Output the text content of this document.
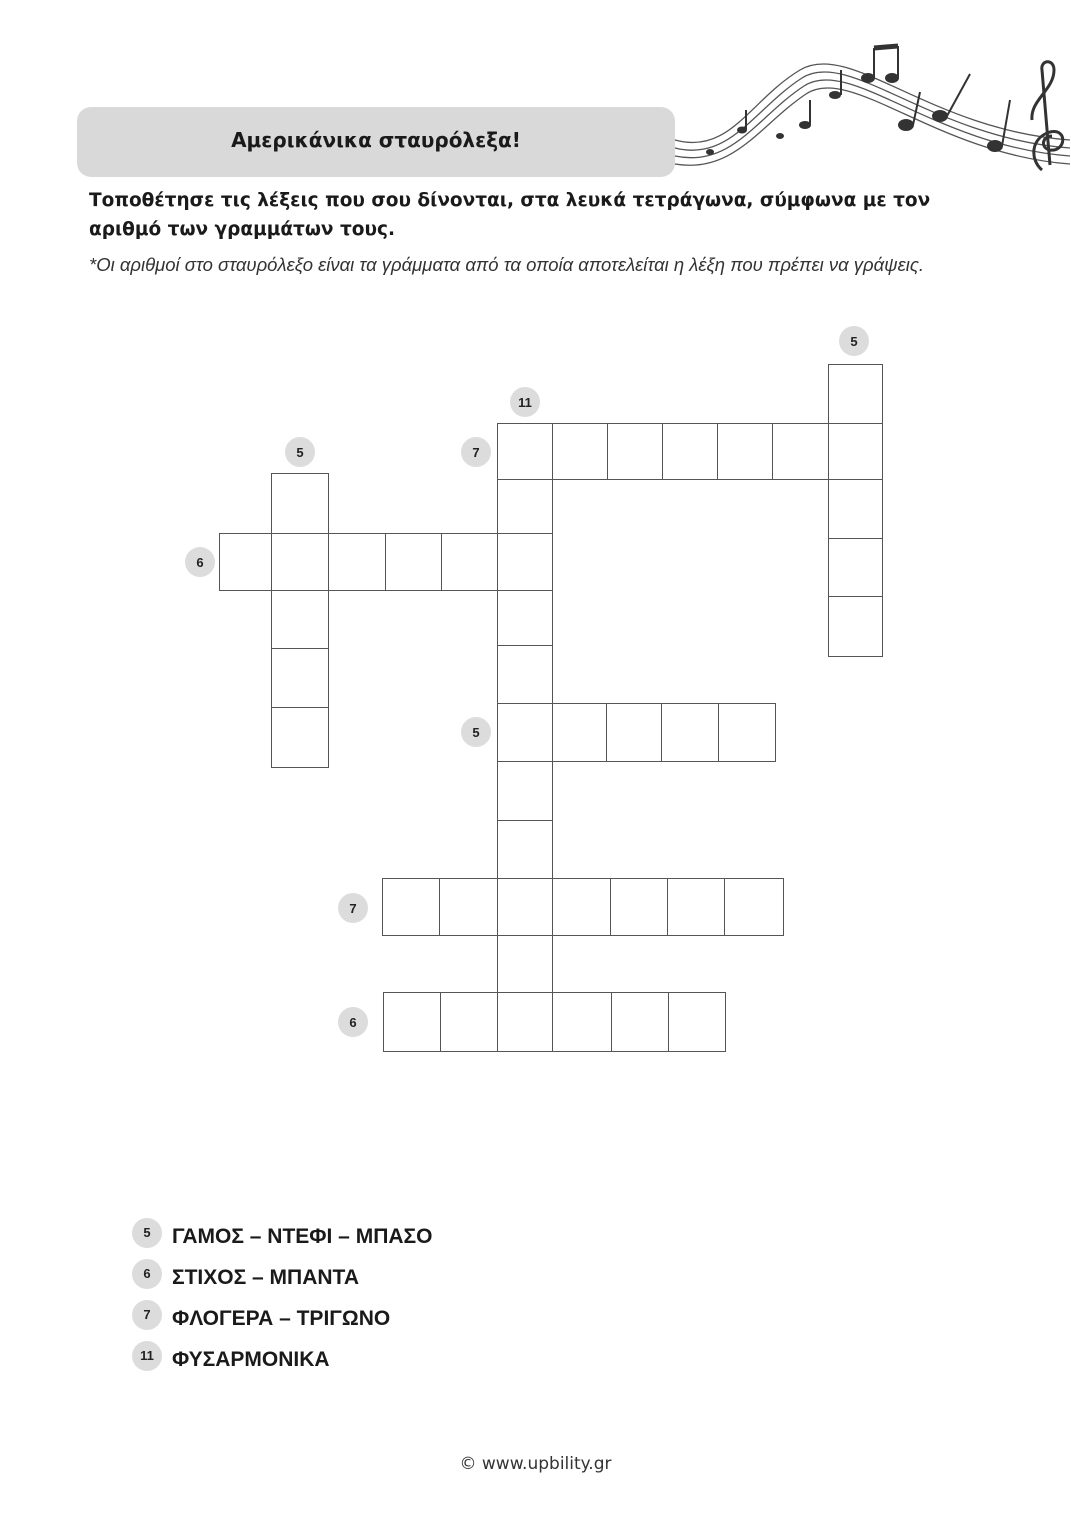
Αμερικάνικα σταυρόλεξα!
Τοποθέτησε τις λέξεις που σου δίνονται, στα λευκά τετράγωνα, σύμφωνα με τον αριθμό των γραμμάτων τους.
*Οι αριθμοί στο σταυρόλεξο είναι τα γράμματα από τα οποία αποτελείται η λέξη που πρέπει να γράψεις.
5
11
5	7
6
5
7
6
5	ΓΑΜΟΣ – ΝΤΕΦΙ – ΜΠΑΣΟ
6	ΣΤΙΧΟΣ – ΜΠΑΝΤΑ
7	ΦΛΟΓΕΡΑ – ΤΡΙΓΩΝΟ
11 ΦΥΣΑΡΜΟΝΙΚΑ
© www.upbility.gr
